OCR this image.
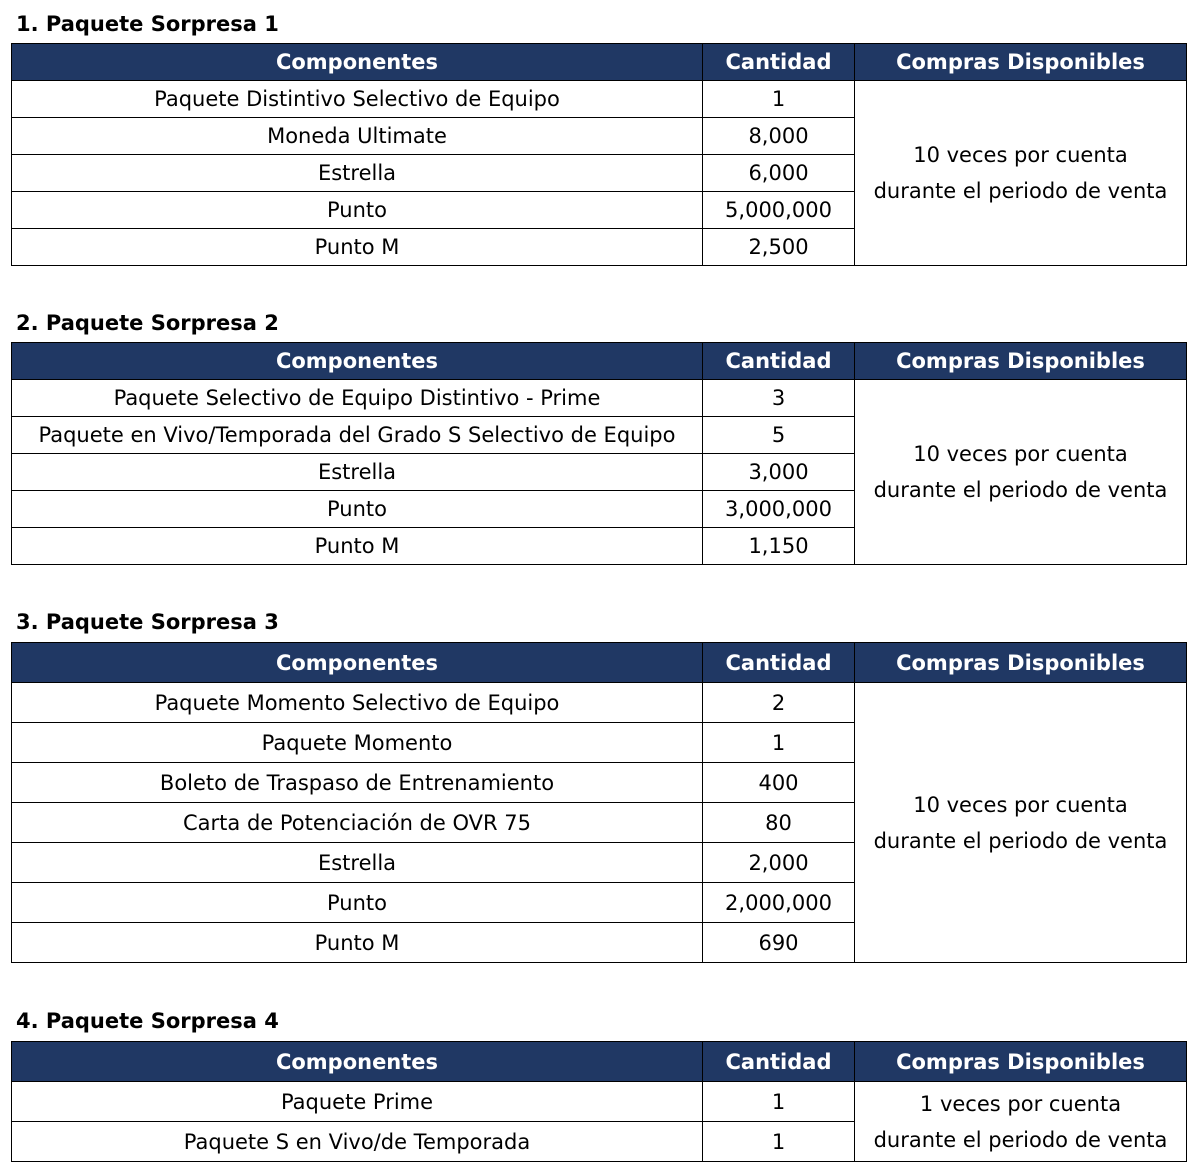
1. Paquete Sorpresa 1
Componentes	Cantidad	Compras Disponibles
Paquete Distintivo Selectivo de Equipo	1	10 veces por cuenta
durante el periodo de venta

Moneda Ultimate	8,000	
Estrella	6,000	
Punto	5,000,000	
Punto M	2,500	
2. Paquete Sorpresa 2
Componentes	Cantidad	Compras Disponibles
Paquete Selectivo de Equipo Distintivo - Prime	3	10 veces por cuenta
durante el periodo de venta

Paquete en Vivo/Temporada del Grado S Selectivo de Equipo	5	
Estrella	3,000	
Punto	3,000,000	
Punto M	1,150	
3. Paquete Sorpresa 3
Componentes	Cantidad	Compras Disponibles
Paquete Momento Selectivo de Equipo	2	10 veces por cuenta
durante el periodo de venta

Paquete Momento	1	
Boleto de Traspaso de Entrenamiento	400	
Carta de Potenciación de OVR 75	80	
Estrella	2,000	
Punto	2,000,000	
Punto M	690	
4. Paquete Sorpresa 4
Componentes	Cantidad	Compras Disponibles
Paquete Prime	1	1 veces por cuenta
durante el periodo de venta

Paquete S en Vivo/de Temporada	1	
